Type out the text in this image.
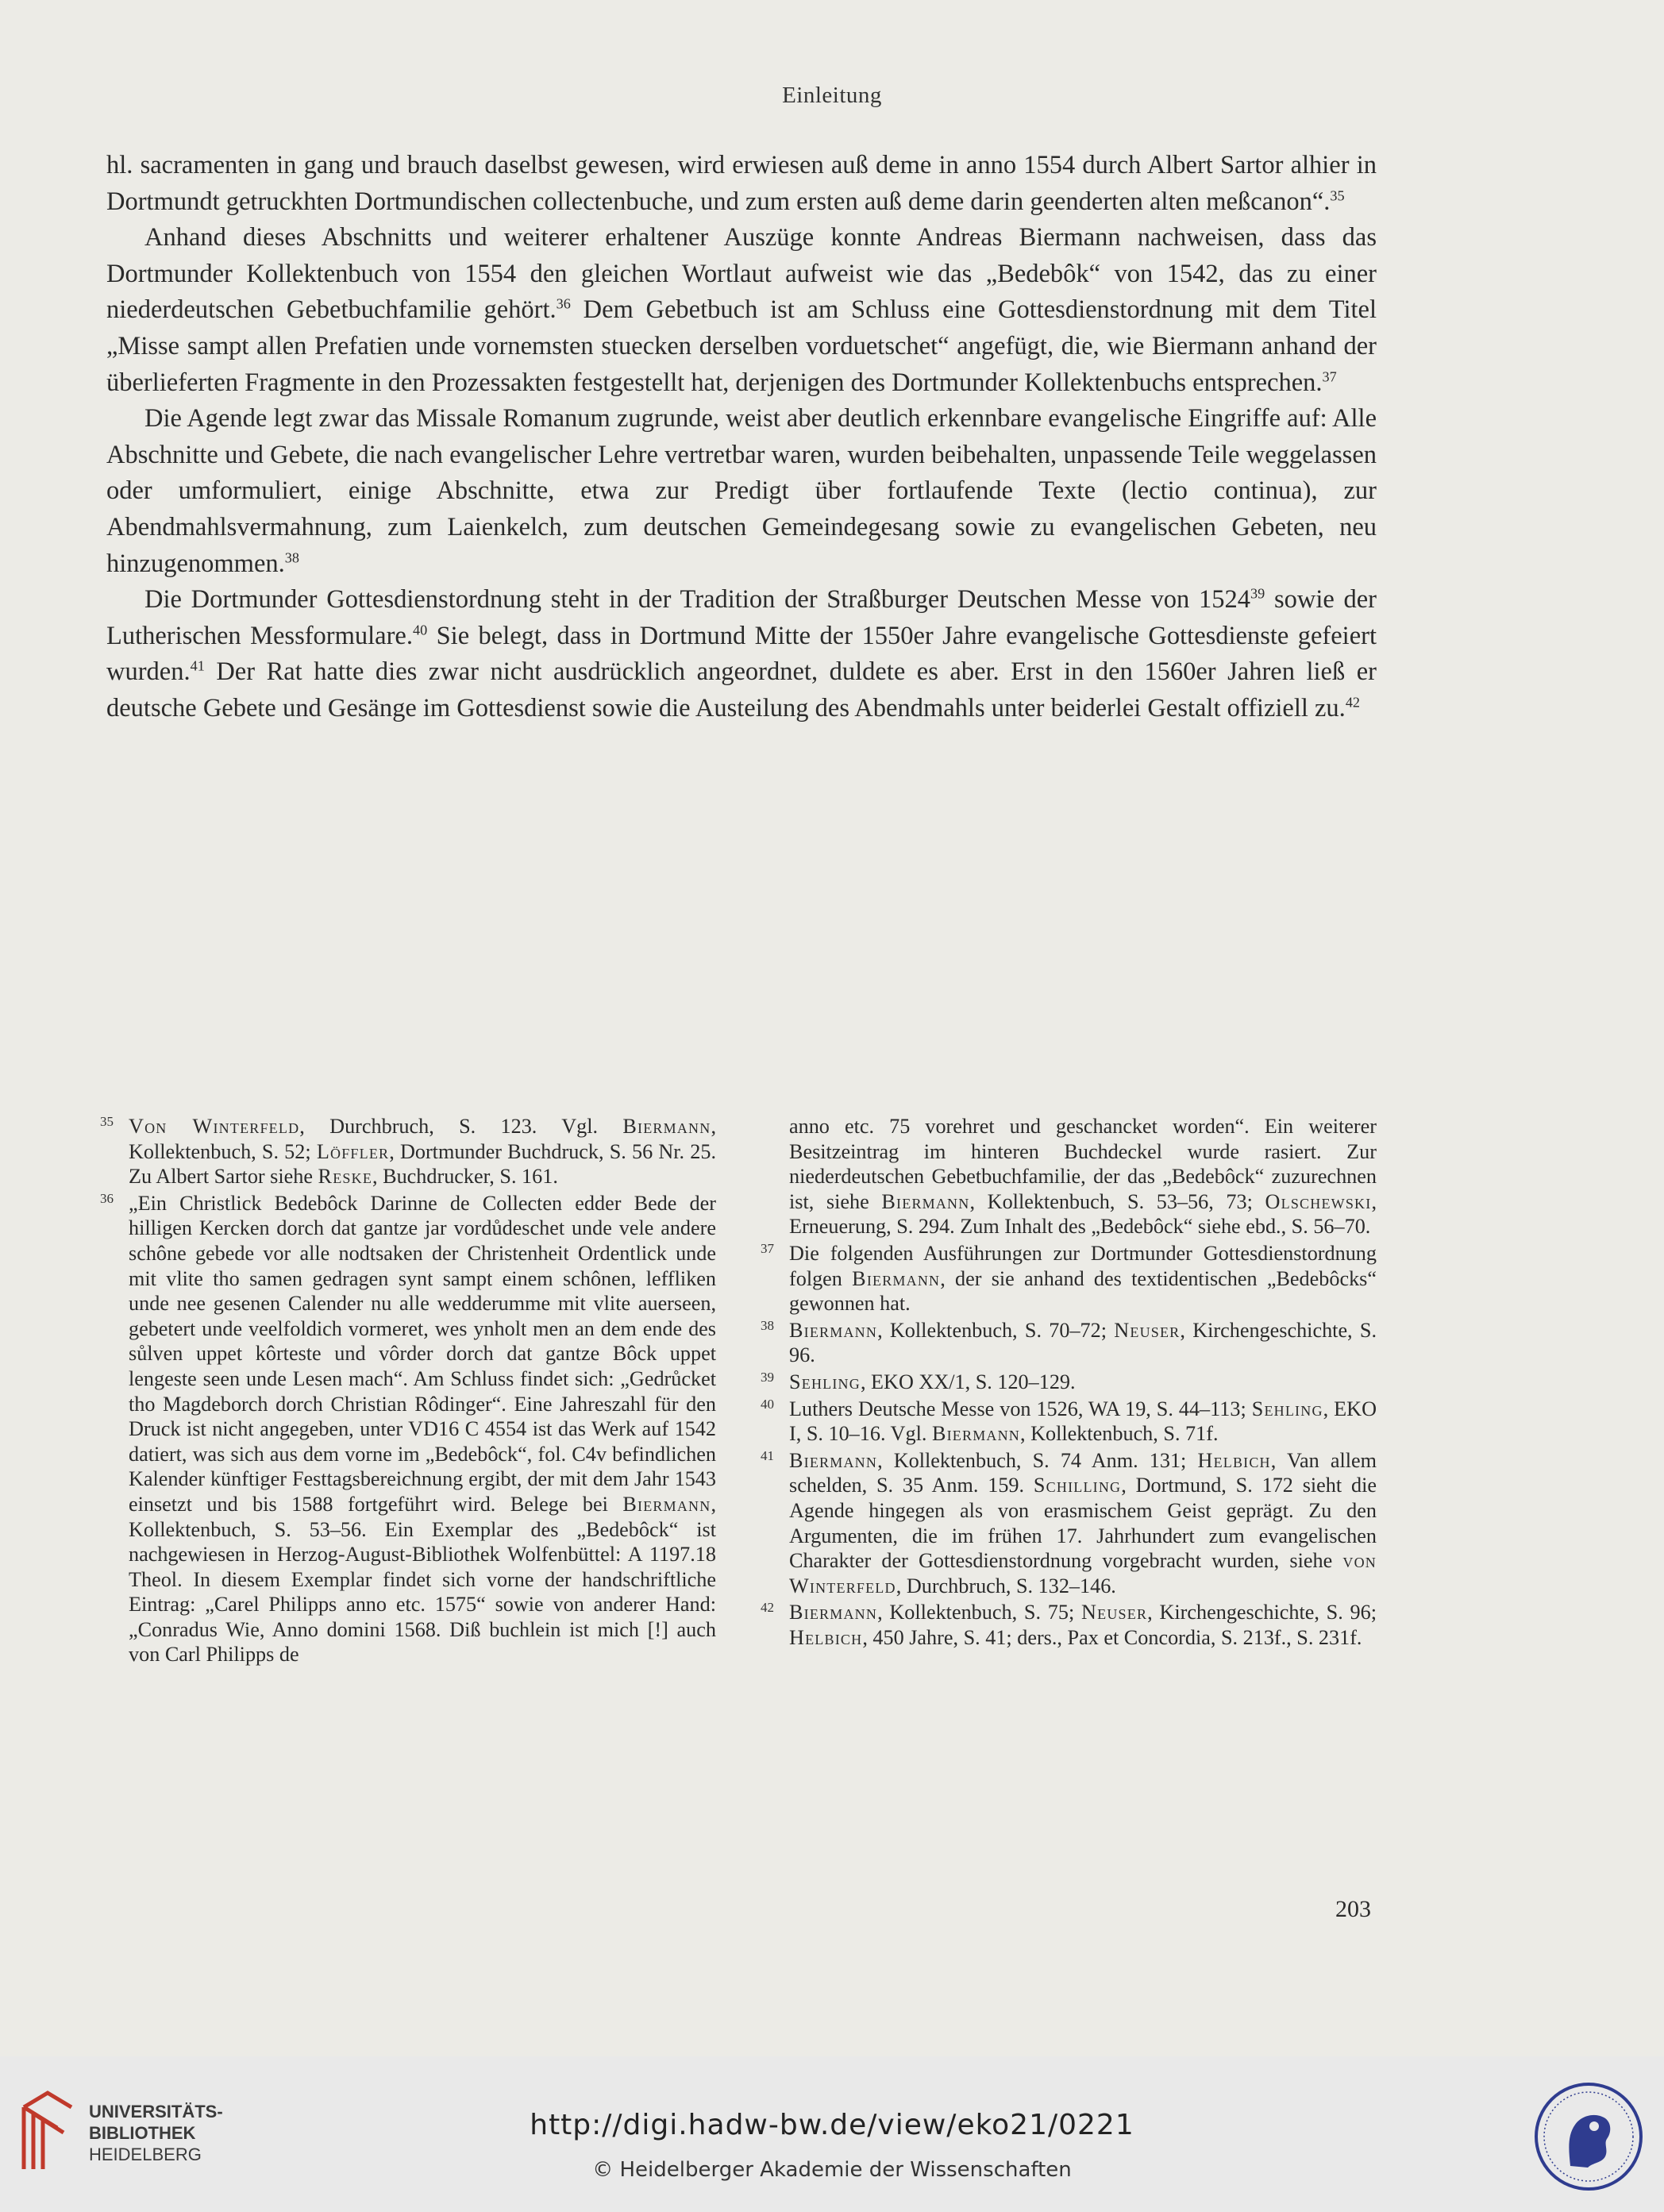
Einleitung

hl. sacramenten in gang und brauch daselbst gewesen, wird erwiesen auß deme in anno 1554 durch Albert Sartor alhier in Dortmundt getruckhten Dortmundischen collectenbuche, und zum ersten auß deme darin geenderten alten meßcanon“.$^{35}$

Anhand dieses Abschnitts und weiterer erhaltener Auszüge konnte Andreas Biermann nachweisen, dass das Dortmunder Kollektenbuch von 1554 den gleichen Wortlaut aufweist wie das „Bedebôk“ von 1542, das zu einer niederdeutschen Gebetbuchfamilie gehört.$^{36}$ Dem Gebetbuch ist am Schluss eine Gottesdienstordnung mit dem Titel „Misse sampt allen Prefatien unde vornemsten stuecken derselben vorduetschet“ angefügt, die, wie Biermann anhand der überlieferten Fragmente in den Prozessakten festgestellt hat, derjenigen des Dortmunder Kollektenbuchs entsprechen.$^{37}$

Die Agende legt zwar das Missale Romanum zugrunde, weist aber deutlich erkennbare evangelische Eingriffe auf: Alle Abschnitte und Gebete, die nach evangelischer Lehre vertretbar waren, wurden beibehalten, unpassende Teile weggelassen oder umformuliert, einige Abschnitte, etwa zur Predigt über fortlaufende Texte (lectio continua), zur Abendmahlsvermahnung, zum Laienkelch, zum deutschen Gemeindegesang sowie zu evangelischen Gebeten, neu hinzugenommen.$^{38}$

Die Dortmunder Gottesdienstordnung steht in der Tradition der Straßburger Deutschen Messe von 1524$^{39}$ sowie der Lutherischen Messformulare.$^{40}$ Sie belegt, dass in Dortmund Mitte der 1550er Jahre evangelische Gottesdienste gefeiert wurden.$^{41}$ Der Rat hatte dies zwar nicht ausdrücklich angeordnet, duldete es aber. Erst in den 1560er Jahren ließ er deutsche Gebete und Gesänge im Gottesdienst sowie die Austeilung des Abendmahls unter beiderlei Gestalt offiziell zu.$^{42}$

35 Von Winterfeld, Durchbruch, S. 123. Vgl. Biermann, Kollektenbuch, S. 52; Löffler, Dortmunder Buchdruck, S. 56 Nr. 25. Zu Albert Sartor siehe Reske, Buchdrucker, S. 161.
36 „Ein Christlick Bedebôck Darinne de Collecten edder Bede der hilligen Kercken dorch dat gantze jar vordůdeschet unde vele andere schône gebede vor alle nodtsaken der Christenheit Ordentlick unde mit vlite tho samen gedragen synt sampt einem schônen, leffliken unde nee gesenen Calender nu alle wedderumme mit vlite auerseen, gebetert unde veelfoldich vormeret, wes ynholt men an dem ende des sůlven uppet kôrteste und vôrder dorch dat gantze Bôck uppet lengeste seen unde Lesen mach“. Am Schluss findet sich: „Gedrůcket tho Magdeborch dorch Christian Rôdinger“. Eine Jahreszahl für den Druck ist nicht angegeben, unter VD16 C 4554 ist das Werk auf 1542 datiert, was sich aus dem vorne im „Bedebôck“, fol. C4v befindlichen Kalender künftiger Festtagsbereichnung ergibt, der mit dem Jahr 1543 einsetzt und bis 1588 fortgeführt wird. Belege bei Biermann, Kollektenbuch, S. 53–56. Ein Exemplar des „Bedebôck“ ist nachgewiesen in Herzog-August-Bibliothek Wolfenbüttel: A 1197.18 Theol. In diesem Exemplar findet sich vorne der handschriftliche Eintrag: „Carel Philipps anno etc. 1575“ sowie von anderer Hand: „Conradus Wie, Anno domini 1568. Diß buchlein ist mich [!] auch von Carl Philipps de
anno etc. 75 vorehret und geschancket worden“. Ein weiterer Besitzeintrag im hinteren Buchdeckel wurde rasiert. Zur niederdeutschen Gebetbuchfamilie, der das „Bedebôck“ zuzurechnen ist, siehe Biermann, Kollektenbuch, S. 53–56, 73; Olschewski, Erneuerung, S. 294. Zum Inhalt des „Bedebôck“ siehe ebd., S. 56–70.
37 Die folgenden Ausführungen zur Dortmunder Gottesdienstordnung folgen Biermann, der sie anhand des textidentischen „Bedebôcks“ gewonnen hat.
38 Biermann, Kollektenbuch, S. 70–72; Neuser, Kirchengeschichte, S. 96.
39 Sehling, EKO XX/1, S. 120–129.
40 Luthers Deutsche Messe von 1526, WA 19, S. 44–113; Sehling, EKO I, S. 10–16. Vgl. Biermann, Kollektenbuch, S. 71f.
41 Biermann, Kollektenbuch, S. 74 Anm. 131; Helbich, Van allem schelden, S. 35 Anm. 159. Schilling, Dortmund, S. 172 sieht die Agende hingegen als von erasmischem Geist geprägt. Zu den Argumenten, die im frühen 17. Jahrhundert zum evangelischen Charakter der Gottesdienstordnung vorgebracht wurden, siehe von Winterfeld, Durchbruch, S. 132–146.
42 Biermann, Kollektenbuch, S. 75; Neuser, Kirchengeschichte, S. 96; Helbich, 450 Jahre, S. 41; ders., Pax et Concordia, S. 213f., S. 231f.
203
UNIVERSITÄTS-
BIBLIOTHEK
HEIDELBERG
http://digi.hadw-bw.de/view/eko21/0221
© Heidelberger Akademie der Wissenschaften
